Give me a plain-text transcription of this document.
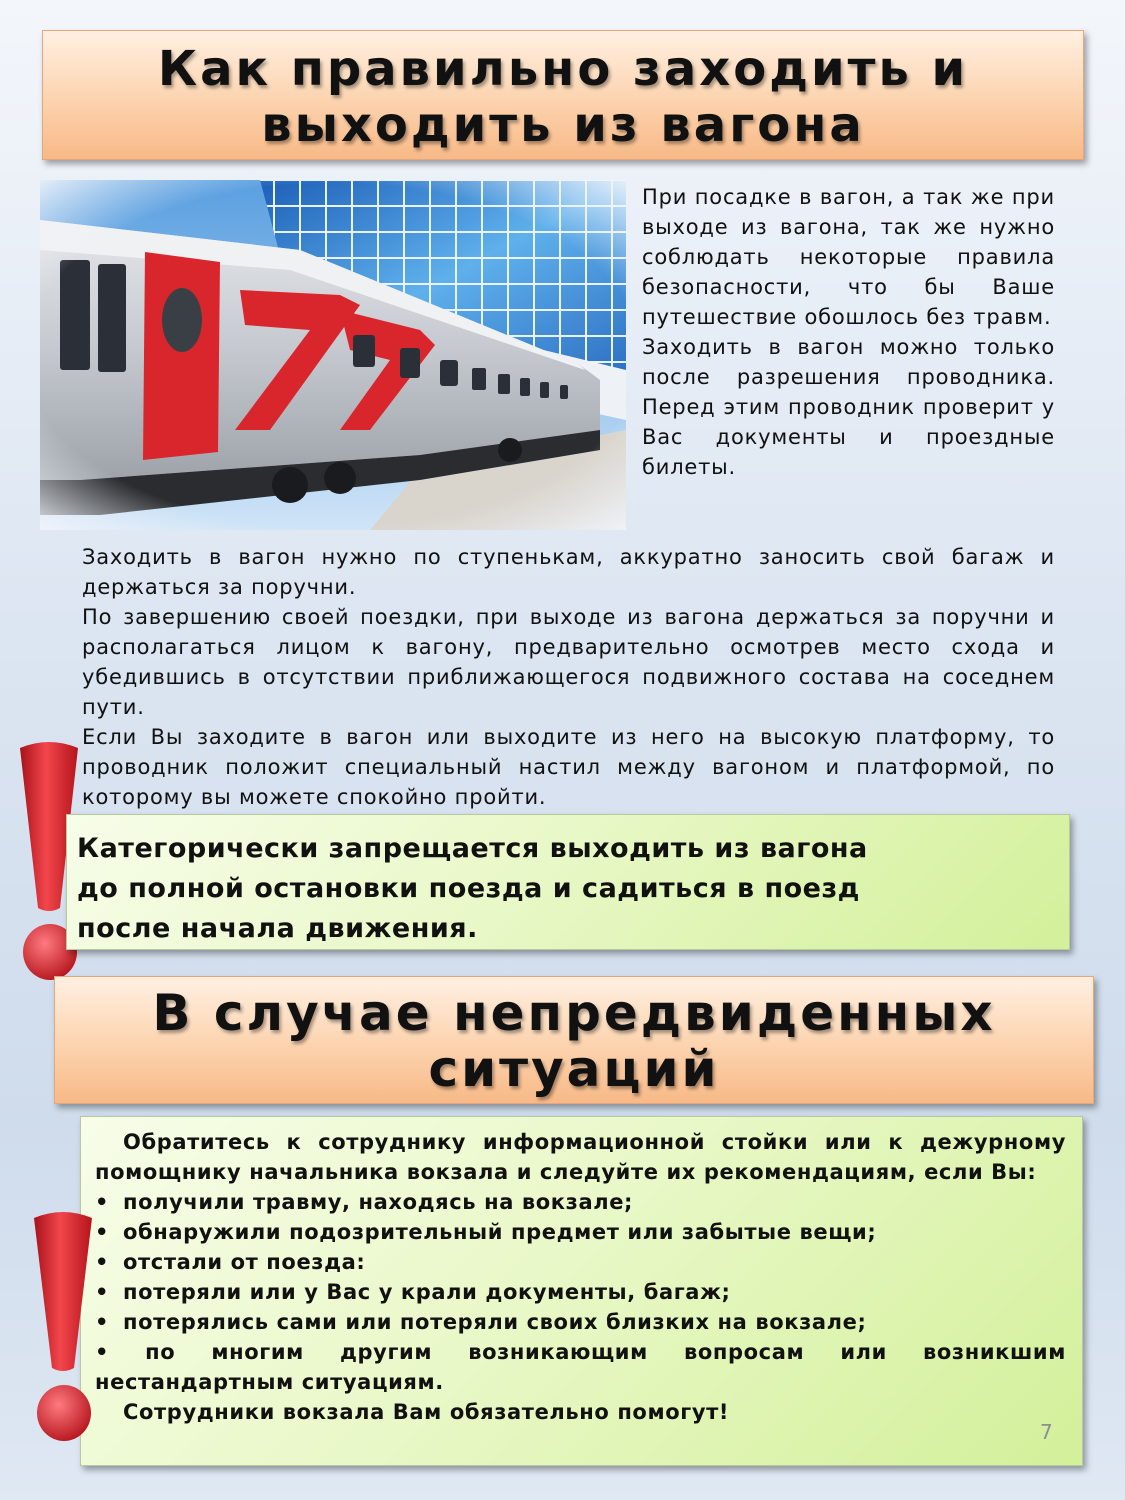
Как правильно заходить и
выходить из вагона

При посадке в вагон, а так же при выходе из вагона, так же нужно соблюдать некоторые правила безопасности, что бы Ваше путешествие обошлось без травм.

Заходить в вагон можно только после разрешения проводника. Перед этим проводник проверит у Вас документы и проездные билеты.

Заходить в вагон нужно по ступенькам, аккуратно заносить свой багаж и держаться за поручни.

По завершению своей поездки, при выходе из вагона держаться за поручни и располагаться лицом к вагону, предварительно осмотрев место схода и убедившись в отсутствии приближающегося подвижного состава на соседнем пути.

Если Вы заходите в вагон или выходите из него на высокую платформу, то проводник положит специальный настил между вагоном и платформой, по которому вы можете спокойно пройти.

Категорически запрещается выходить из вагона
до полной остановки поезда и садиться в поезд
после начала движения.
В случае непредвиденных
ситуаций

Обратитесь к сотруднику информационной стойки или к дежурному помощнику начальника вокзала и следуйте их рекомендациям, если Вы:

• получили травму, находясь на вокзале;
• обнаружили подозрительный предмет или забытые вещи;
• отстали от поезда:
• потеряли или у Вас у крали документы, багаж;
• потерялись сами или потеряли своих близких на вокзале;

• по многим другим возникающим вопросам или возникшим нестандартным ситуациям.

Сотрудники вокзала Вам обязательно помогут!

7
